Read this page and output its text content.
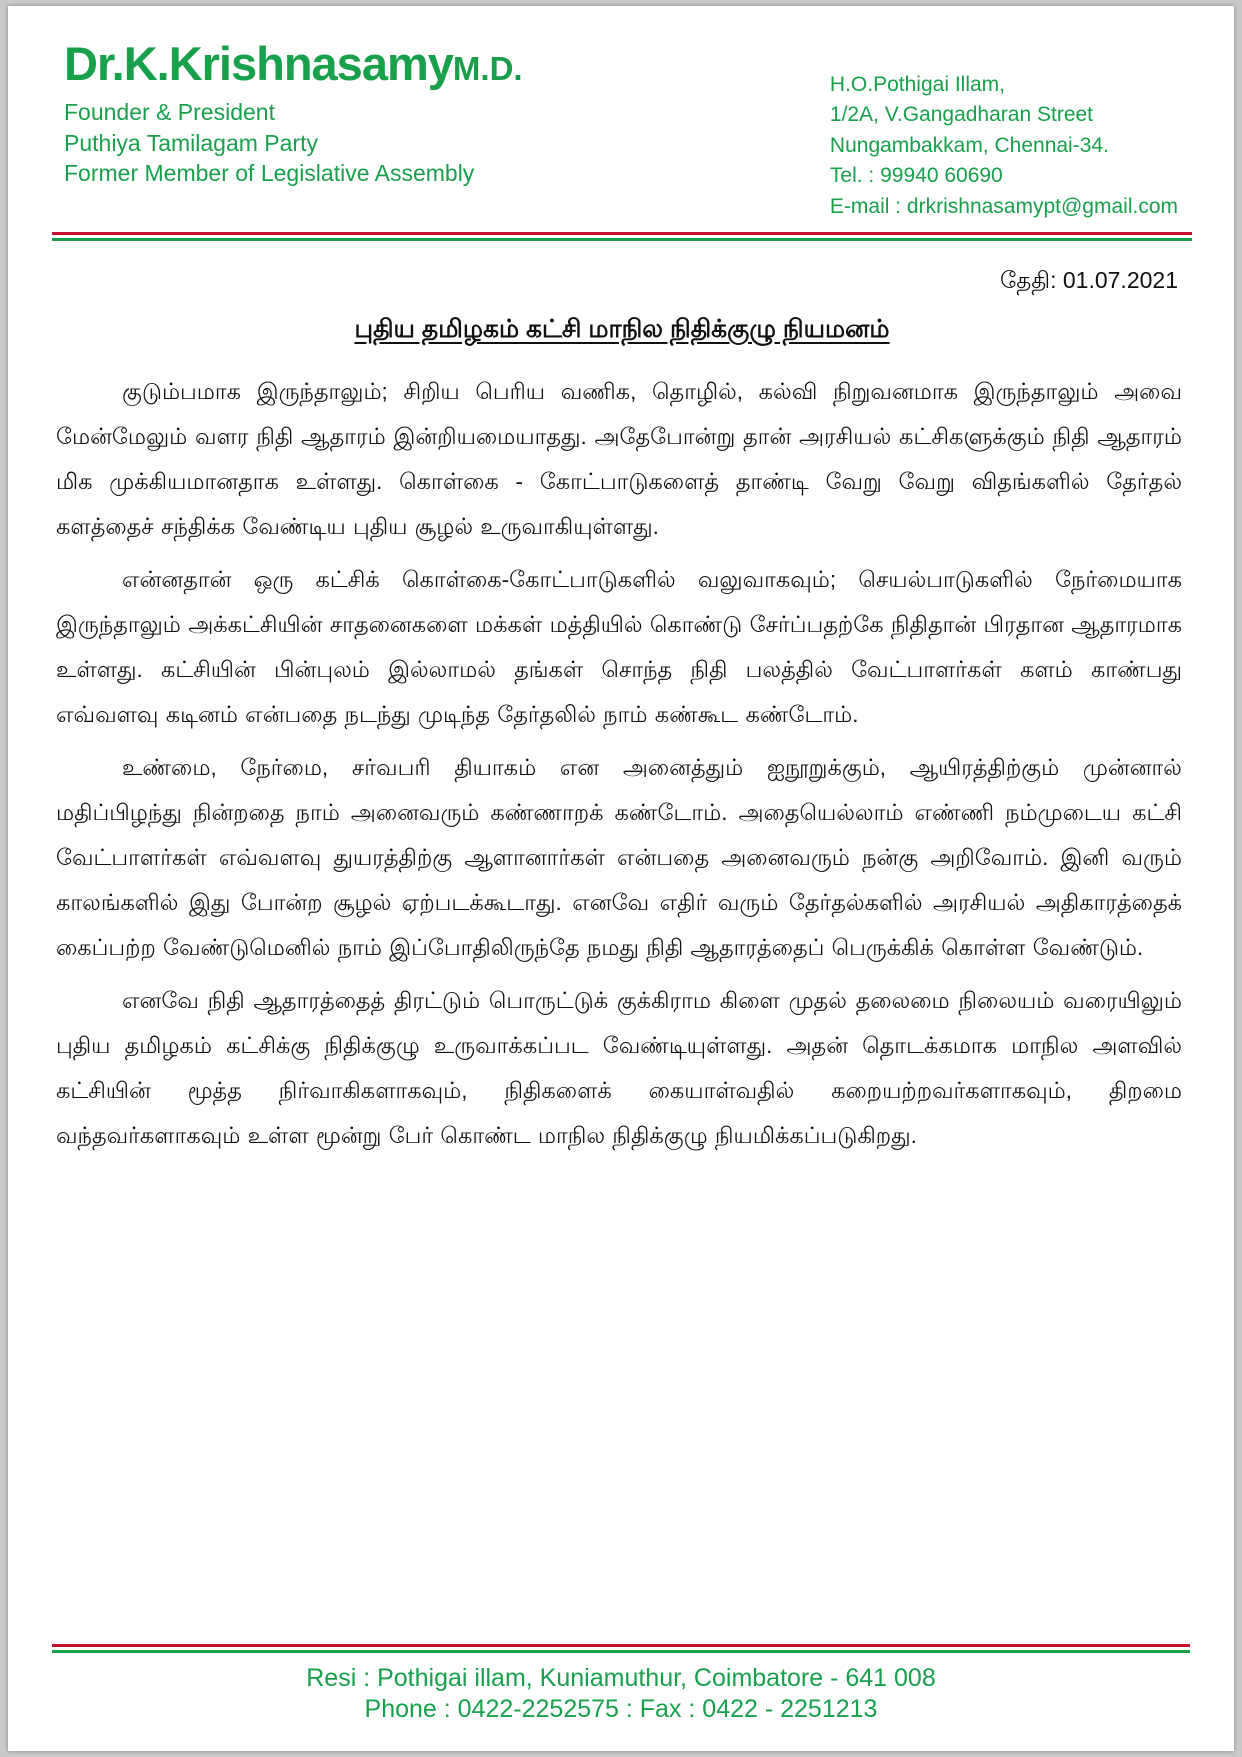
Dr.K.KrishnasamyM.D.
Founder & President
Puthiya Tamilagam Party
Former Member of Legislative Assembly
H.O.Pothigai Illam,
1/2A, V.Gangadharan Street
Nungambakkam, Chennai-34.
Tel. : 99940 60690
E-mail : drkrishnasamypt@gmail.com
தேதி: 01.07.2021
புதிய தமிழகம் கட்சி மாநில நிதிக்குழு நியமனம்

குடும்பமாக இருந்தாலும்; சிறிய பெரிய வணிக, தொழில், கல்வி நிறுவனமாக இருந்தாலும் அவை மேன்மேலும் வளர நிதி ஆதாரம் இன்றியமையாதது. அதேபோன்று தான் அரசியல் கட்சிகளுக்கும் நிதி ஆதாரம் மிக முக்கியமானதாக உள்ளது. கொள்கை - கோட்பாடுகளைத் தாண்டி வேறு வேறு விதங்களில் தேர்தல் களத்தைச் சந்திக்க வேண்டிய புதிய சூழல் உருவாகியுள்ளது.

என்னதான் ஒரு கட்சிக் கொள்கை-கோட்பாடுகளில் வலுவாகவும்; செயல்பாடுகளில் நேர்மையாக இருந்தாலும் அக்கட்சியின் சாதனைகளை மக்கள் மத்தியில் கொண்டு சேர்ப்பதற்கே நிதிதான் பிரதான ஆதாரமாக உள்ளது. கட்சியின் பின்புலம் இல்லாமல் தங்கள் சொந்த நிதி பலத்தில் வேட்பாளர்கள் களம் காண்பது எவ்வளவு கடினம் என்பதை நடந்து முடிந்த தேர்தலில் நாம் கண்கூட கண்டோம்.

உண்மை, நேர்மை, சர்வபரி தியாகம் என அனைத்தும் ஐநூறுக்கும், ஆயிரத்திற்கும் முன்னால் மதிப்பிழந்து நின்றதை நாம் அனைவரும் கண்ணாறக் கண்டோம். அதையெல்லாம் எண்ணி நம்முடைய கட்சி வேட்பாளர்கள் எவ்வளவு துயரத்திற்கு ஆளானார்கள் என்பதை அனைவரும் நன்கு அறிவோம். இனி வரும் காலங்களில் இது போன்ற சூழல் ஏற்படக்கூடாது. எனவே எதிர் வரும் தேர்தல்களில் அரசியல் அதிகாரத்தைக் கைப்பற்ற வேண்டுமெனில் நாம் இப்போதிலிருந்தே நமது நிதி ஆதாரத்தைப் பெருக்கிக் கொள்ள வேண்டும்.

எனவே நிதி ஆதாரத்தைத் திரட்டும் பொருட்டுக் குக்கிராம கிளை முதல் தலைமை நிலையம் வரையிலும் புதிய தமிழகம் கட்சிக்கு நிதிக்குழு உருவாக்கப்பட வேண்டியுள்ளது. அதன் தொடக்கமாக மாநில அளவில் கட்சியின் மூத்த நிர்வாகிகளாகவும், நிதிகளைக் கையாள்வதில் கறையற்றவர்களாகவும், திறமை வந்தவர்களாகவும் உள்ள மூன்று பேர் கொண்ட மாநில நிதிக்குழு நியமிக்கப்படுகிறது.

Resi : Pothigai illam, Kuniamuthur, Coimbatore - 641 008
Phone : 0422-2252575 : Fax : 0422 - 2251213
